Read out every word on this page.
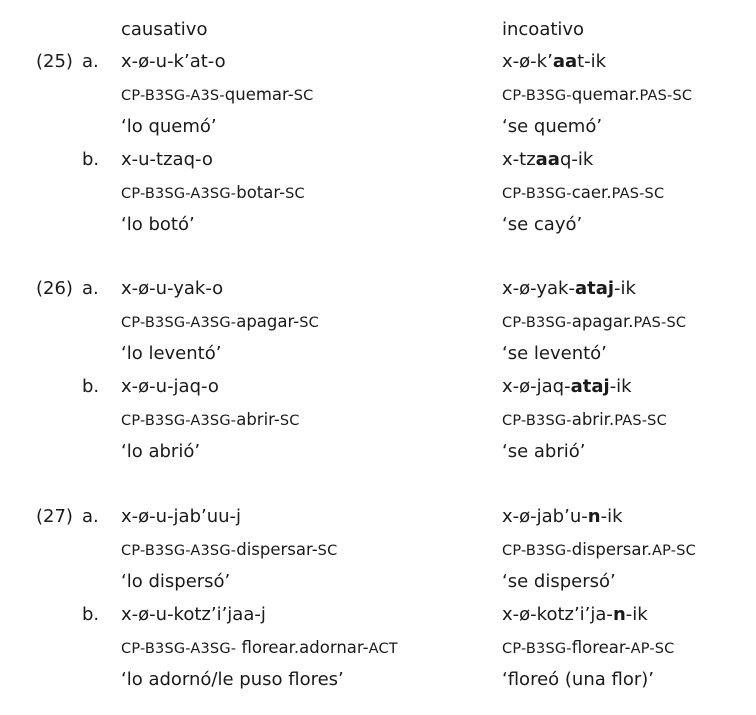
causativo	incoativo
(25) a. x-ø-u-k’at-o
CP-B3SG-A3S-quemar-SC
‘lo quemó’
x-ø-k’aat-ik
CP-B3SG-quemar.PAS-SC
‘se quemó’
b. x-u-tzaq-o
CP-B3SG-A3SG-botar-SC
‘lo botó’
x-tzaaq-ik
CP-B3SG-caer.PAS-SC
‘se cayó’
(26) a. x-ø-u-yak-o
CP-B3SG-A3SG-apagar-SC
‘lo leventó’
x-ø-yak-ataj-ik
CP-B3SG-apagar.PAS-SC
‘se leventó’
b. x-ø-u-jaq-o
CP-B3SG-A3SG-abrir-SC
‘lo abrió’
x-ø-jaq-ataj-ik
CP-B3SG-abrir.PAS-SC
‘se abrió’
(27) a. x-ø-u-jab’uu-j
CP-B3SG-A3SG-dispersar-SC
‘lo dispersó’
x-ø-jab’u-n-ik
CP-B3SG-dispersar.AP-SC
‘se dispersó’
b. x-ø-u-kotz’i’jaa-j
CP-B3SG-A3SG- florear.adornar-ACT
‘lo adornó/le puso flores’
x-ø-kotz’i’ja-n-ik
CP-B3SG-florear-AP-SC
‘floreó (una flor)’
